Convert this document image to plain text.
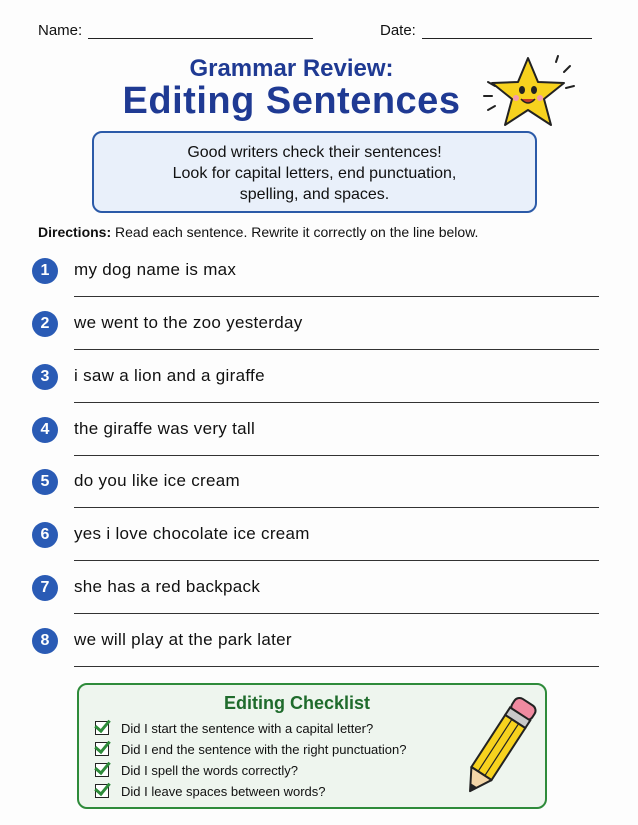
Name:	Date:
Grammar Review:
Editing Sentences
Good writers check their sentences!
Look for capital letters, end punctuation,
spelling, and spaces.
Directions: Read each sentence. Rewrite it correctly on the line below.
1	my dog name is max
2	we went to the zoo yesterday
3	i saw a lion and a giraffe
4	the giraffe was very tall
5	do you like ice cream
6	yes i love chocolate ice cream
7	she has a red backpack
8	we will play at the park later
Editing Checklist
Did I start the sentence with a capital letter?
Did I end the sentence with the right punctuation?
Did I spell the words correctly?
Did I leave spaces between words?
